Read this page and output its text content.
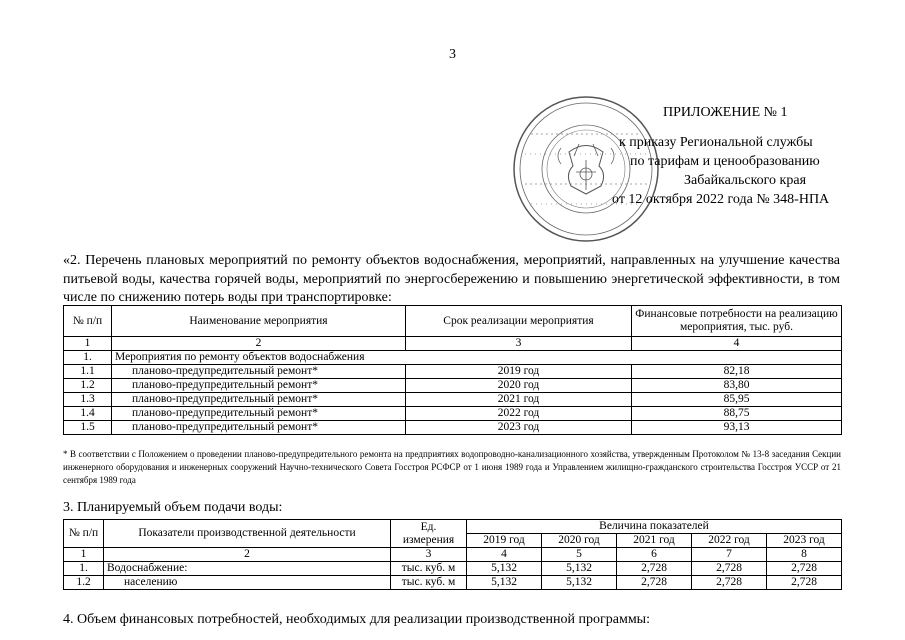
3
ПРИЛОЖЕНИЕ № 1
к приказу Региональной службы
по тарифам и ценообразованию
Забайкальского края
от 12 октября 2022 года № 348-НПА
«2. Перечень плановых мероприятий по ремонту объектов водоснабжения, мероприятий, направленных на улучшение качества питьевой воды, качества горячей воды, мероприятий по энергосбережению и повышению энергетической эффективности, в том числе по снижению потерь воды при транспортировке:
№ п/п	Наименование мероприятия	Срок реализации мероприятия	Финансовые потребности на реализацию мероприятия, тыс. руб.
1	2	3	4
1.	Мероприятия по ремонту объектов водоснабжения		
1.1	планово-предупредительный ремонт*	2019 год	82,18
1.2	планово-предупредительный ремонт*	2020 год	83,80
1.3	планово-предупредительный ремонт*	2021 год	85,95
1.4	планово-предупредительный ремонт*	2022 год	88,75
1.5	планово-предупредительный ремонт*	2023 год	93,13
* В соответствии с Положением о проведении планово-предупредительного ремонта на предприятиях водопроводно-канализационного хозяйства, утвержденным Протоколом № 13-8 заседания Секции инженерного оборудования и инженерных сооружений Научно-технического Совета Госстроя РСФСР от 1 июня 1989 года и Управлением жилищно-гражданского строительства Госстроя УССР от 21 сентября 1989 года
3. Планируемый объем подачи воды:
№ п/п	Показатели производственной деятельности	Ед. измерения	Величина показателей				
			2019 год	2020 год	2021 год	2022 год	2023 год
1	2	3	4	5	6	7	8
1.	Водоснабжение:	тыс. куб. м	5,132	5,132	2,728	2,728	2,728
1.2	населению	тыс. куб. м	5,132	5,132	2,728	2,728	2,728
4. Объем финансовых потребностей, необходимых для реализации производственной программы:
